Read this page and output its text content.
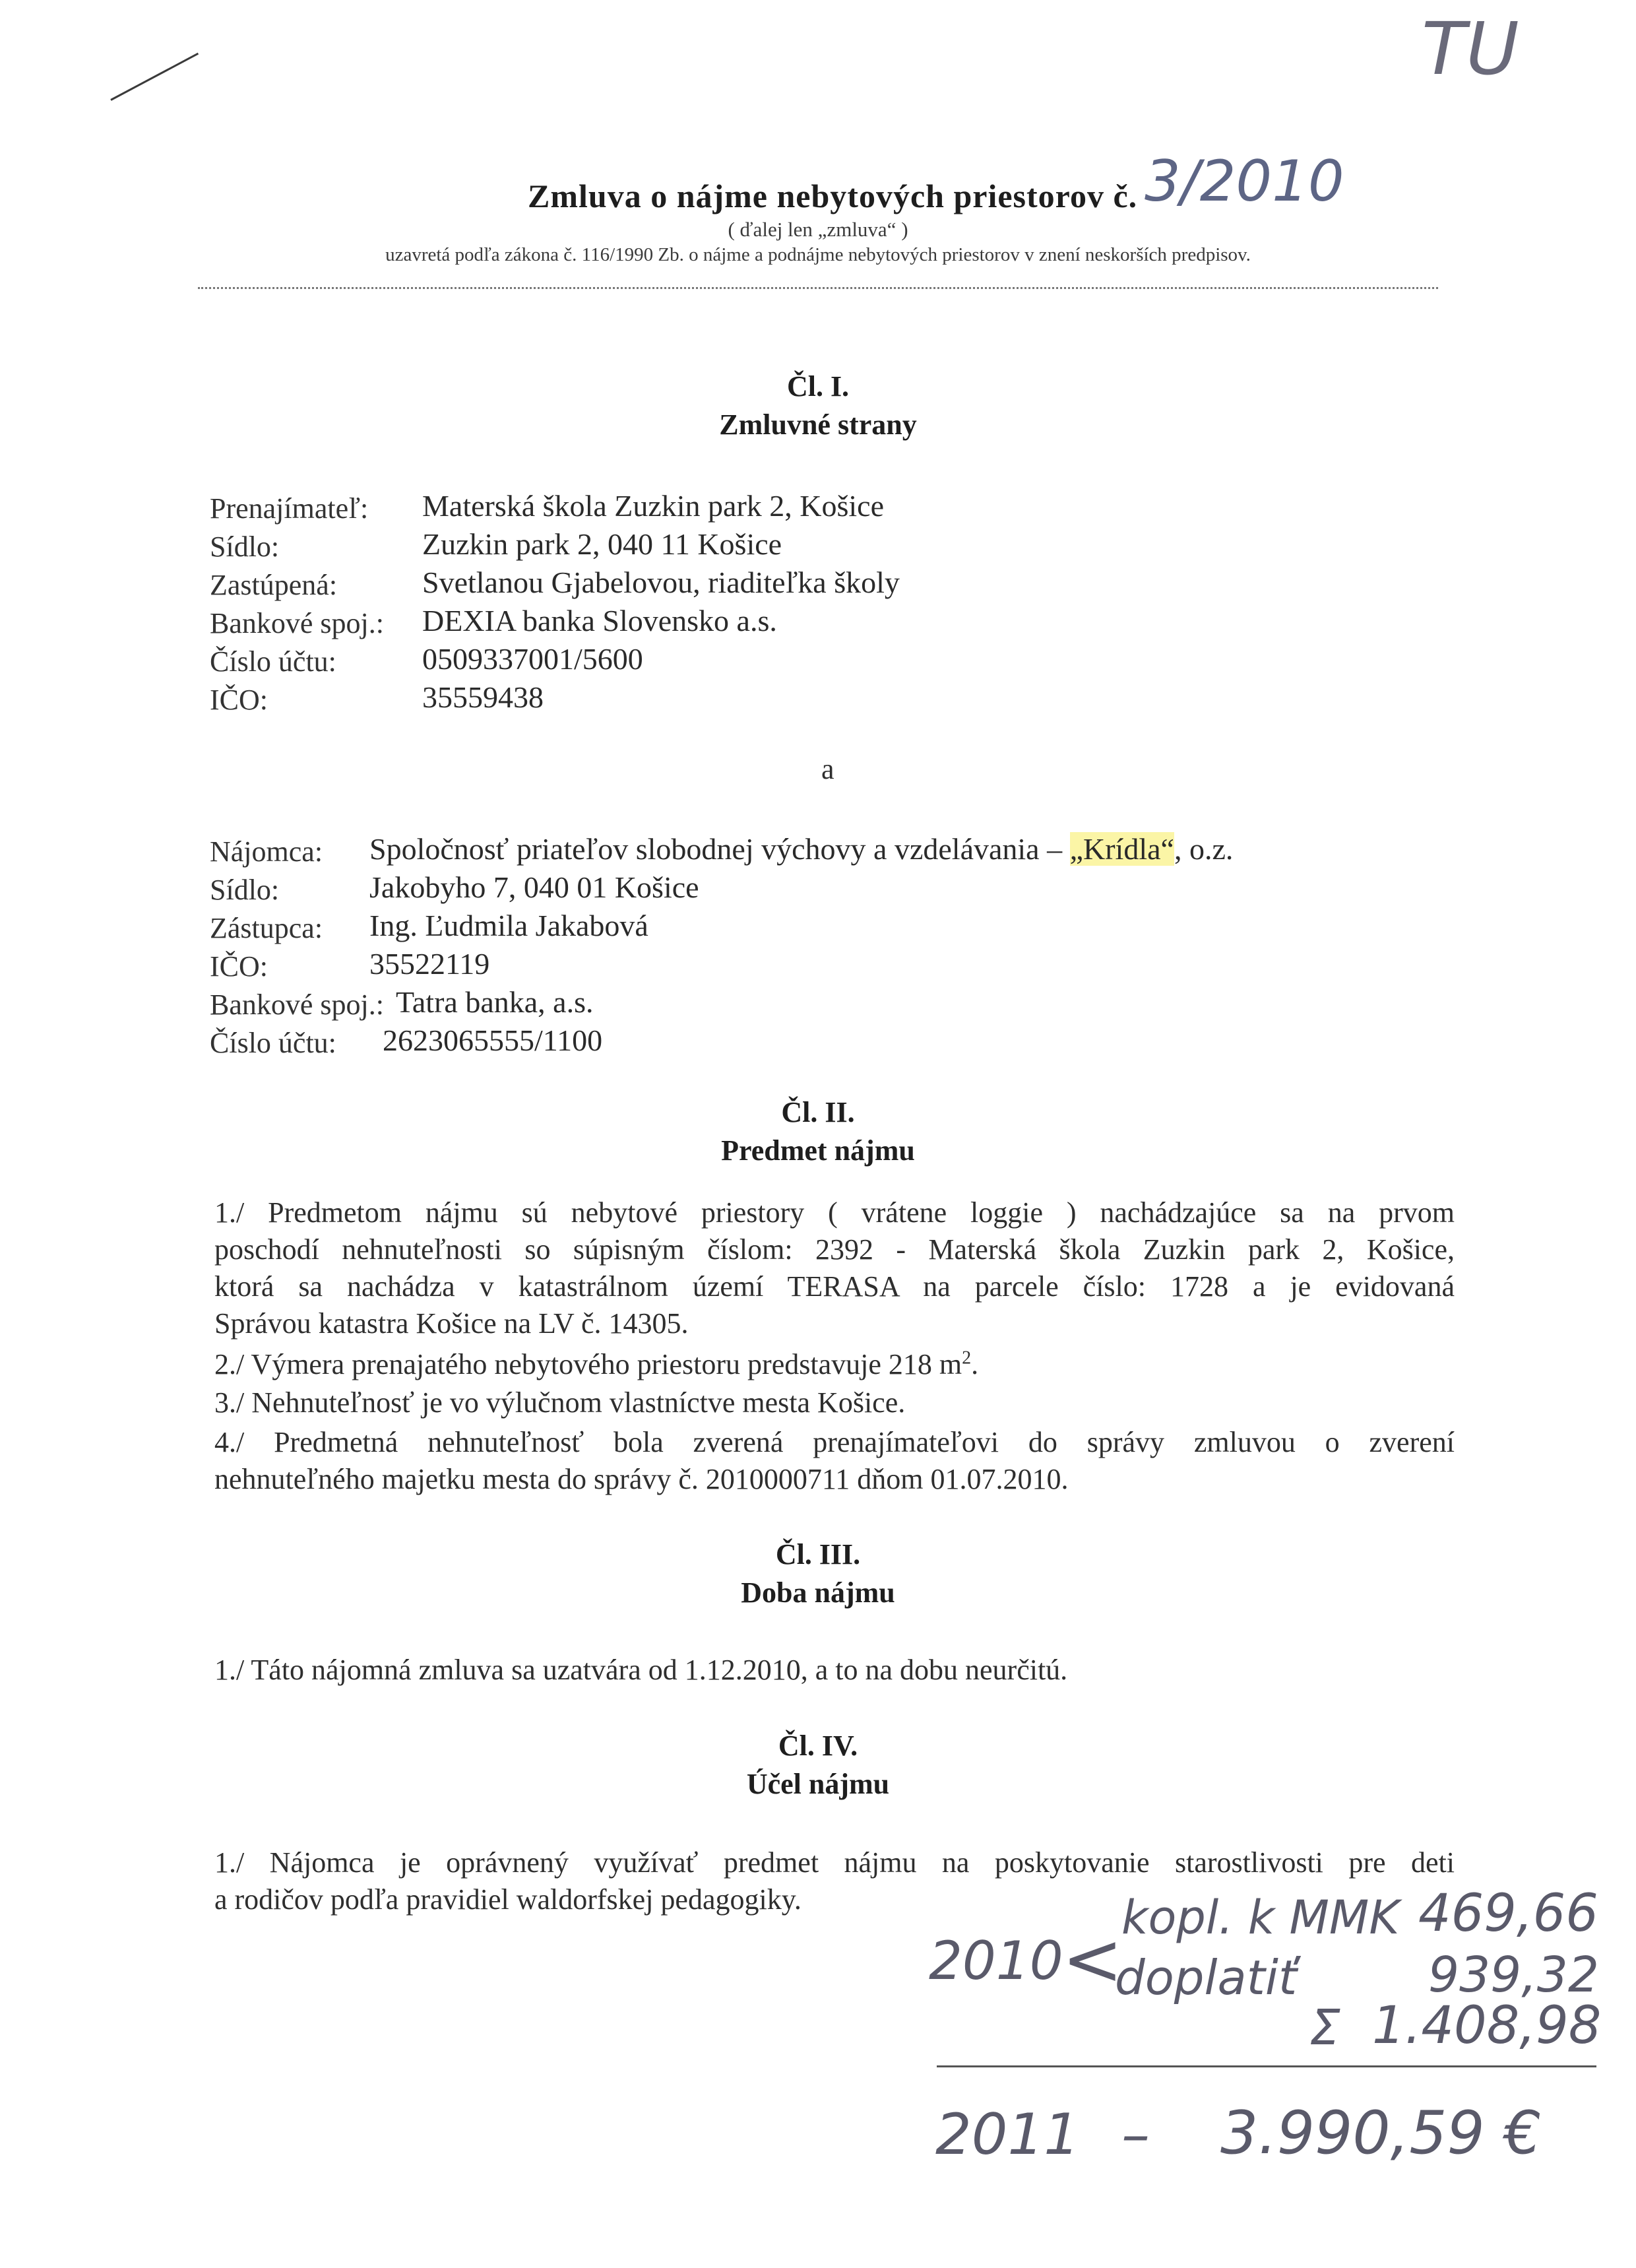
TU
Zmluva o nájme nebytových priestorov č. 3/2010
( ďalej len „zmluva“ )
uzavretá podľa zákona č. 116/1990 Zb. o nájme a podnájme nebytových priestorov v znení neskorších predpisov.
Čl. I.
Zmluvné strany
Prenajímateľ: Materská škola Zuzkin park 2, Košice
Sídlo:	Zuzkin park 2, 040 11 Košice
Zastúpená:	Svetlanou Gjabelovou, riaditeľka školy
Bankové spoj.: DEXIA banka Slovensko a.s.
Číslo účtu:	0509337001/5600
IČO:	35559438
a
Nájomca: Spoločnosť priateľov slobodnej výchovy a vzdelávania – „Krídla“, o.z.
Sídlo:	Jakobyho 7, 040 01 Košice
Zástupca: Ing. Ľudmila Jakabová
IČO:	35522119
Bankové spoj.: Tatra banka, a.s.
Číslo účtu: 2623065555/1100
Čl. II.
Predmet nájmu
1./ Predmetom nájmu sú nebytové priestory ( vrátene loggie ) nachádzajúce sa na prvom
poschodí nehnuteľnosti so súpisným číslom: 2392 - Materská škola Zuzkin park 2, Košice,
ktorá sa nachádza v katastrálnom území TERASA na parcele číslo: 1728 a je evidovaná
Správou katastra Košice na LV č. 14305.
2./ Výmera prenajatého nebytového priestoru predstavuje 218 $m^2$.
3./ Nehnuteľnosť je vo výlučnom vlastníctve mesta Košice.
4./ Predmetná nehnuteľnosť bola zverená prenajímateľovi do správy zmluvou o zverení
nehnuteľného majetku mesta do správy č. 2010000711 dňom 01.07.2010.
Čl. III.
Doba nájmu
1./ Táto nájomná zmluva sa uzatvára od 1.12.2010, a to na dobu neurčitú.
Čl. IV.
Účel nájmu
1./ Nájomca je oprávnený využívať predmet nájmu na poskytovanie starostlivosti pre deti
a rodičov podľa pravidiel waldorfskej pedagogiky.
2010
<
kopl. k MMK 469,66
doplatiť	939,32
Σ 1.408,98
2011 – 3.990,59 €
